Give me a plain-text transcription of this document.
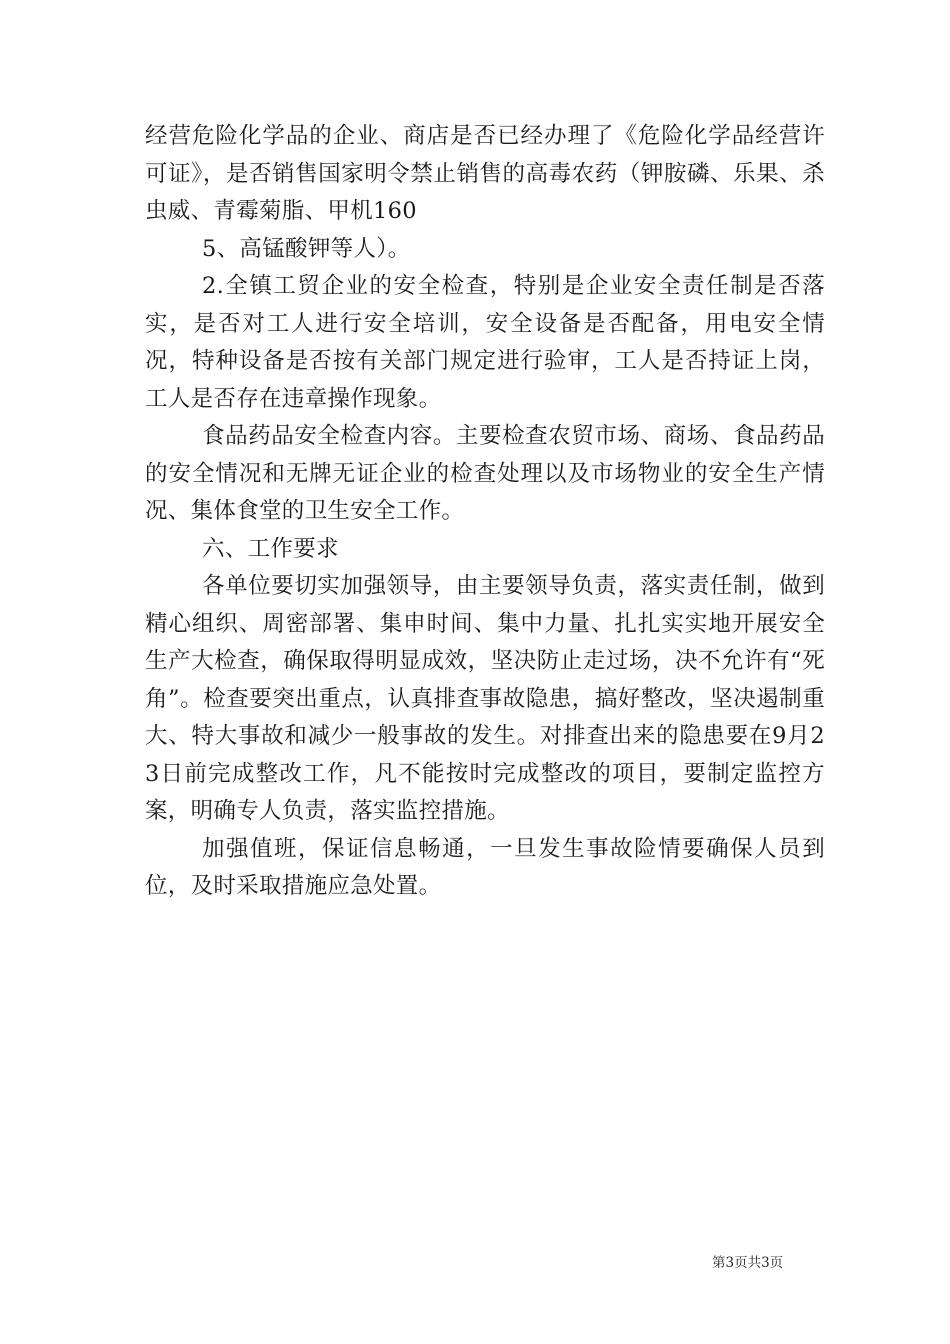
经营危险化学品的企业、商店是否已经办理了《危险化学品经营许可证》，是否销售国家明令禁止销售的高毒农药（钾胺磷、乐果、杀虫威、青霉菊脂、甲机160

5、高锰酸钾等人）。

2.全镇工贸企业的安全检查，特别是企业安全责任制是否落实，是否对工人进行安全培训，安全设备是否配备，用电安全情况，特种设备是否按有关部门规定进行验审，工人是否持证上岗，工人是否存在违章操作现象。

食品药品安全检查内容。主要检查农贸市场、商场、食品药品的安全情况和无牌无证企业的检查处理以及市场物业的安全生产情况、集体食堂的卫生安全工作。

六、工作要求

各单位要切实加强领导，由主要领导负责，落实责任制，做到精心组织、周密部署、集申时间、集中力量、扎扎实实地开展安全生产大检查，确保取得明显成效，坚决防止走过场，决不允许有“死角”。检查要突出重点，认真排查事故隐患，搞好整改，坚决遏制重大、特大事故和减少一般事故的发生。对排查出来的隐患要在9月23日前完成整改工作，凡不能按时完成整改的项目，要制定监控方案，明确专人负责，落实监控措施。

加强值班，保证信息畅通，一旦发生事故险情要确保人员到位，及时采取措施应急处置。

第3页共3页
